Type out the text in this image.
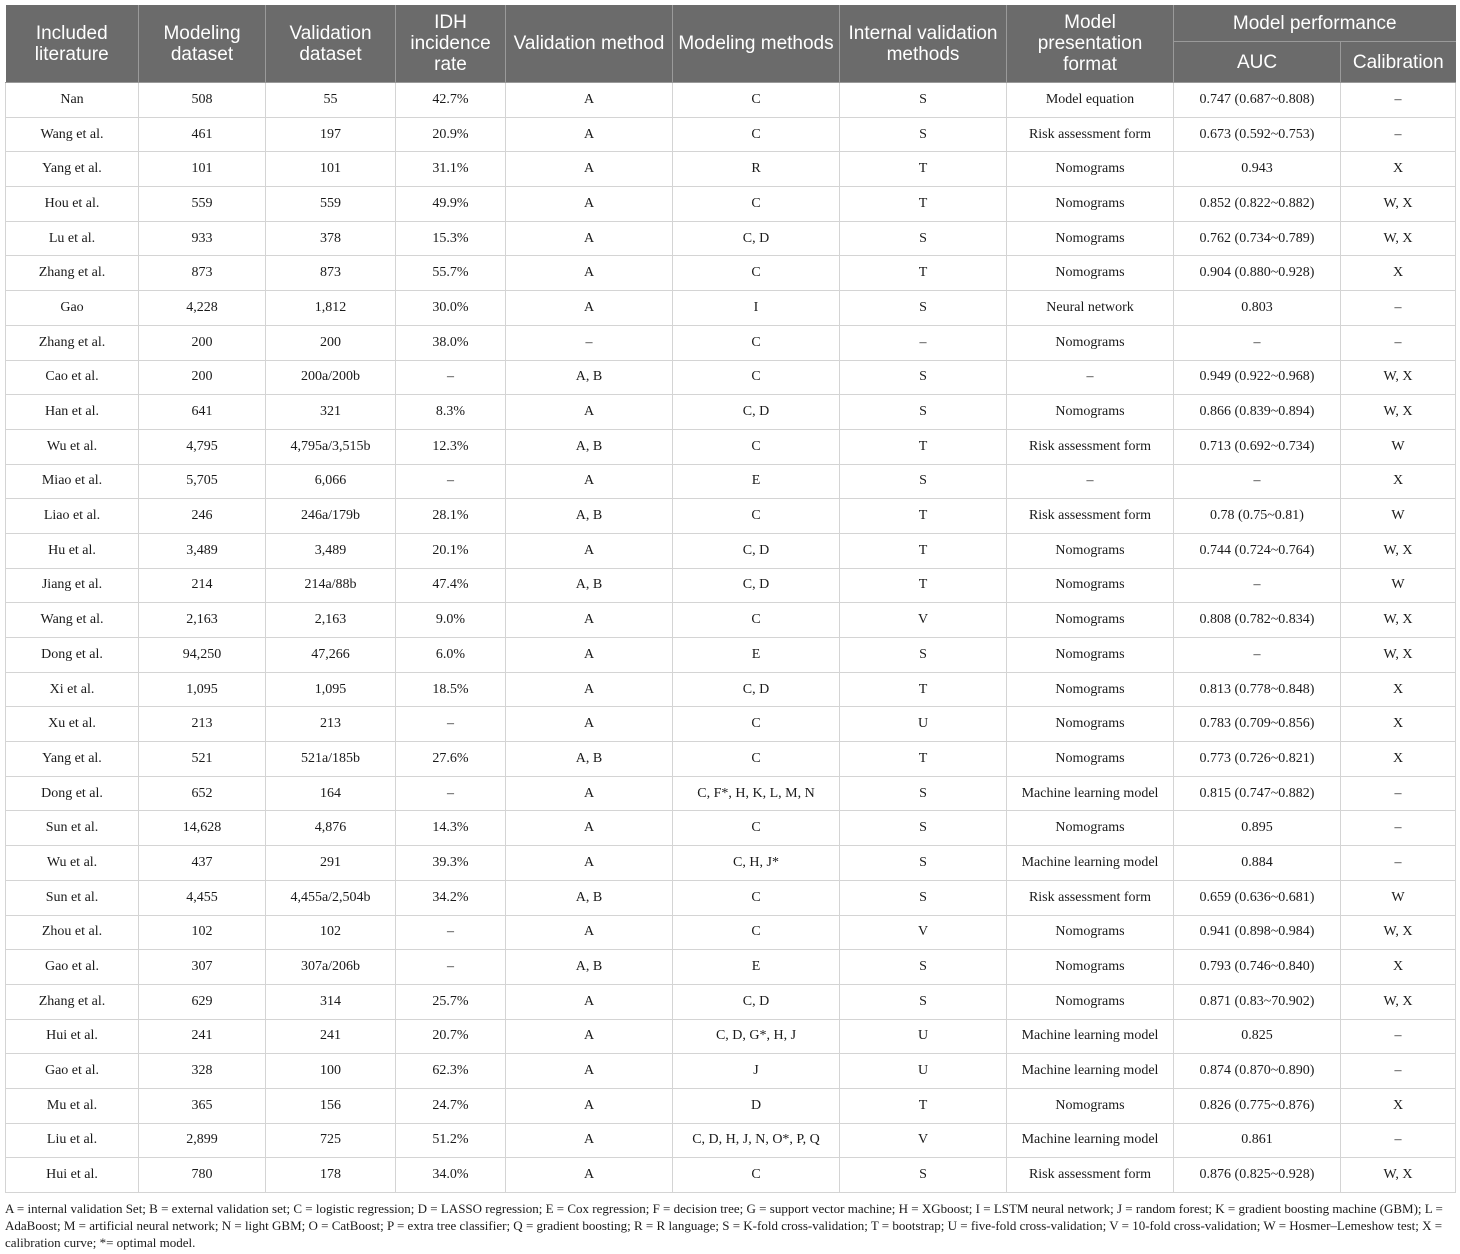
Included literature	Modeling dataset	Validation dataset	IDH incidence rate	Validation method	Modeling methods	Internal validation methods	Model presentation format	Model performance	
								AUC	Calibration
Nan	508	55	42.7%	A	C	S	Model equation	0.747 (0.687~0.808)	–
Wang et al.	461	197	20.9%	A	C	S	Risk assessment form	0.673 (0.592~0.753)	–
Yang et al.	101	101	31.1%	A	R	T	Nomograms	0.943	X
Hou et al.	559	559	49.9%	A	C	T	Nomograms	0.852 (0.822~0.882)	W, X
Lu et al.	933	378	15.3%	A	C, D	S	Nomograms	0.762 (0.734~0.789)	W, X
Zhang et al.	873	873	55.7%	A	C	T	Nomograms	0.904 (0.880~0.928)	X
Gao	4,228	1,812	30.0%	A	I	S	Neural network	0.803	–
Zhang et al.	200	200	38.0%	–	C	–	Nomograms	–	–
Cao et al.	200	200a/200b	–	A, B	C	S	–	0.949 (0.922~0.968)	W, X
Han et al.	641	321	8.3%	A	C, D	S	Nomograms	0.866 (0.839~0.894)	W, X
Wu et al.	4,795	4,795a/3,515b	12.3%	A, B	C	T	Risk assessment form	0.713 (0.692~0.734)	W
Miao et al.	5,705	6,066	–	A	E	S	–	–	X
Liao et al.	246	246a/179b	28.1%	A, B	C	T	Risk assessment form	0.78 (0.75~0.81)	W
Hu et al.	3,489	3,489	20.1%	A	C, D	T	Nomograms	0.744 (0.724~0.764)	W, X
Jiang et al.	214	214a/88b	47.4%	A, B	C, D	T	Nomograms	–	W
Wang et al.	2,163	2,163	9.0%	A	C	V	Nomograms	0.808 (0.782~0.834)	W, X
Dong et al.	94,250	47,266	6.0%	A	E	S	Nomograms	–	W, X
Xi et al.	1,095	1,095	18.5%	A	C, D	T	Nomograms	0.813 (0.778~0.848)	X
Xu et al.	213	213	–	A	C	U	Nomograms	0.783 (0.709~0.856)	X
Yang et al.	521	521a/185b	27.6%	A, B	C	T	Nomograms	0.773 (0.726~0.821)	X
Dong et al.	652	164	–	A	C, F*, H, K, L, M, N	S	Machine learning model	0.815 (0.747~0.882)	–
Sun et al.	14,628	4,876	14.3%	A	C	S	Nomograms	0.895	–
Wu et al.	437	291	39.3%	A	C, H, J*	S	Machine learning model	0.884	–
Sun et al.	4,455	4,455a/2,504b	34.2%	A, B	C	S	Risk assessment form	0.659 (0.636~0.681)	W
Zhou et al.	102	102	–	A	C	V	Nomograms	0.941 (0.898~0.984)	W, X
Gao et al.	307	307a/206b	–	A, B	E	S	Nomograms	0.793 (0.746~0.840)	X
Zhang et al.	629	314	25.7%	A	C, D	S	Nomograms	0.871 (0.83~70.902)	W, X
Hui et al.	241	241	20.7%	A	C, D, G*, H, J	U	Machine learning model	0.825	–
Gao et al.	328	100	62.3%	A	J	U	Machine learning model	0.874 (0.870~0.890)	–
Mu et al.	365	156	24.7%	A	D	T	Nomograms	0.826 (0.775~0.876)	X
Liu et al.	2,899	725	51.2%	A	C, D, H, J, N, O*, P, Q	V	Machine learning model	0.861	–
Hui et al.	780	178	34.0%	A	C	S	Risk assessment form	0.876 (0.825~0.928)	W, X
A = internal validation Set; B = external validation set; C = logistic regression; D = LASSO regression; E = Cox regression; F = decision tree; G = support vector machine; H = XGboost; I = LSTM neural network; J = random forest; K = gradient boosting machine (GBM); L = AdaBoost; M = artificial neural network; N = light GBM; O = CatBoost; P = extra tree classifier; Q = gradient boosting; R = R language; S = K-fold cross-validation; T = bootstrap; U = five-fold cross-validation; V = 10-fold cross-validation; W = Hosmer–Lemeshow test; X = calibration curve; *= optimal model.
